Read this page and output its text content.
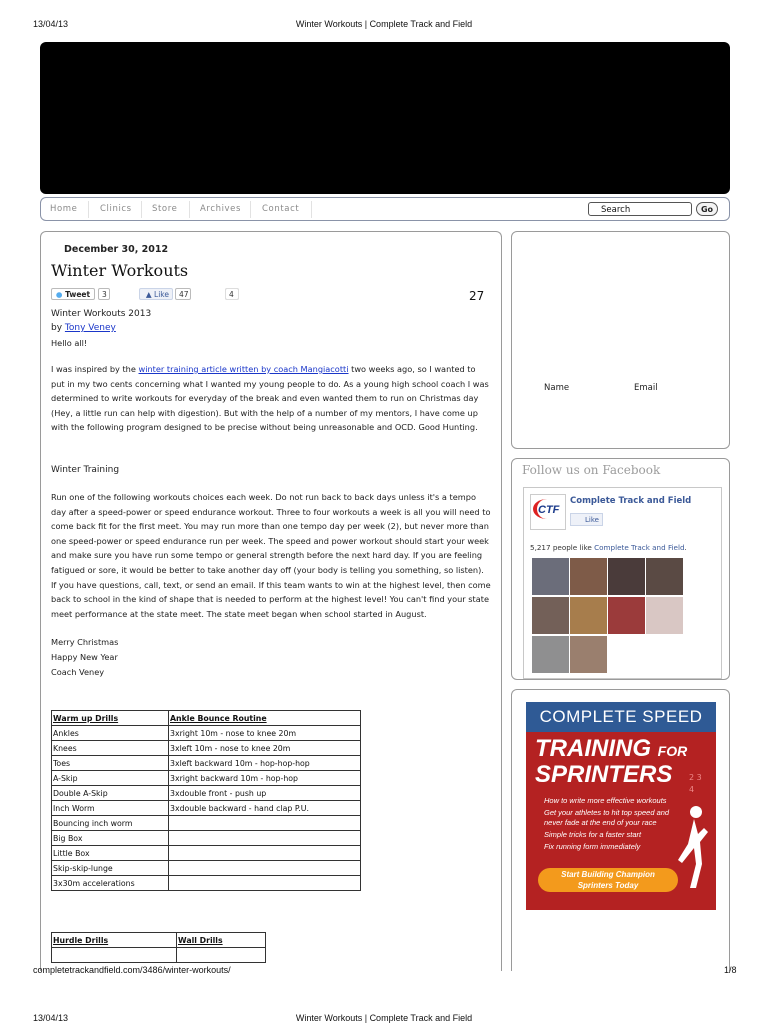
13/04/13	Winter Workouts | Complete Track and Field
Home	Clinics Store	Archives Contact	Search	Go
December 30, 2012
Winter Workouts
● Tweet	3	▲ Like	47	4	27
Winter Workouts 2013
by Tony Veney
Hello all!
I was inspired by the winter training article written by coach Mangiacotti two weeks ago, so I wanted to put in my two cents concerning what I wanted my young people to do. As a young high school coach I was determined to write workouts for everyday of the break and even wanted them to run on Christmas day (Hey, a little run can help with digestion). But with the help of a number of my mentors, I have come up with the following program designed to be precise without being unreasonable and OCD. Good Hunting.
Winter Training
Run one of the following workouts choices each week. Do not run back to back days unless it's a tempo day after a speed-power or speed endurance workout. Three to four workouts a week is all you will need to come back fit for the first meet. You may run more than one tempo day per week (2), but never more than one speed-power or speed endurance run per week. The speed and power workout should start your week and make sure you have run some tempo or general strength before the next hard day. If you are feeling fatigued or sore, it would be better to take another day off (your body is telling you something, so listen). If you have questions, call, text, or send an email. If this team wants to win at the highest level, then come back to school in the kind of shape that is needed to perform at the highest level! You can't find your state meet performance at the state meet. The state meet began when school started in August.
Merry Christmas
Happy New Year
Coach Veney
Warm up Drills	Ankle Bounce Routine
Ankles	3xright 10m - nose to knee 20m
Knees	3xleft 10m - nose to knee 20m
Toes	3xleft backward 10m - hop-hop-hop
A-Skip	3xright backward 10m - hop-hop
Double A-Skip	3xdouble front - push up
Inch Worm	3xdouble backward - hand clap P.U.
Bouncing inch worm	
Big Box	
Little Box	
Skip-skip-lunge	
3x30m accelerations	
Hurdle Drills	Wall Drills

Name	Email
Follow us on Facebook
CTF
Complete Track and Field
Like
5,217 people like Complete Track and Field.
COMPLETE SPEED
TRAINING FOR
SPRINTERS
How to write more effective workouts
Get your athletes to hit top speed and
never fade at the end of your race
Simple tricks for a faster start
Fix running form immediately
2 3 4
Start Building Champion
Sprinters Today
completetrackandfield.com/3486/winter-workouts/	1/8
13/04/13	Winter Workouts | Complete Track and Field
